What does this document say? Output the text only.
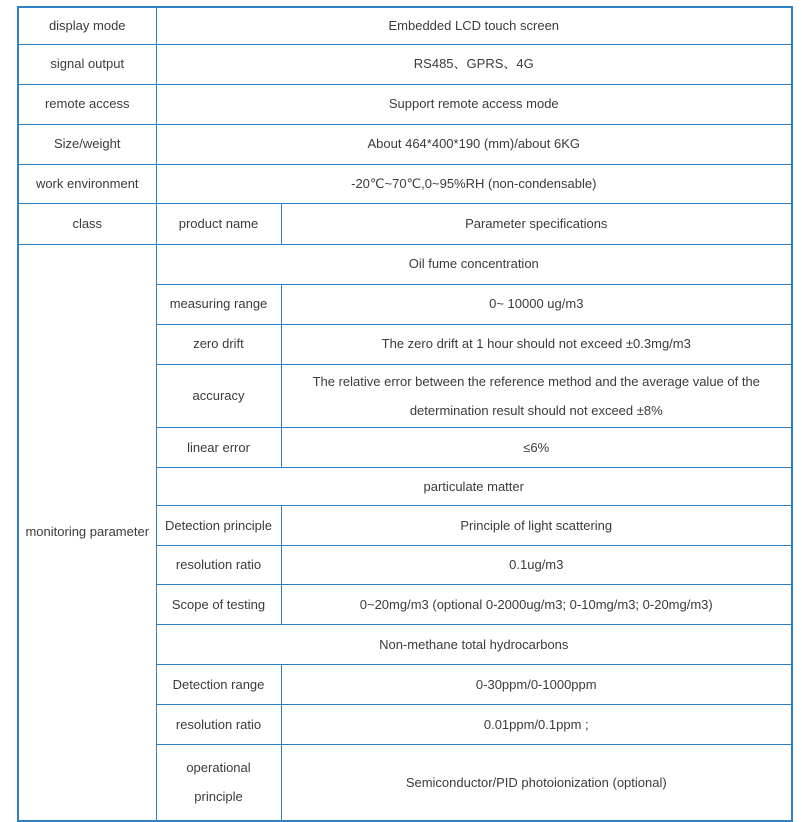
display mode	Embedded LCD touch screen	
signal output	RS485、GPRS、4G	
remote access	Support remote access mode	
Size/weight	About 464*400*190 (mm)/about 6KG	
work environment	-20℃~70℃,0~95%RH (non-condensable)	
class	product name	Parameter specifications
monitoring parameter	Oil fume concentration	
	measuring range	0~ 10000 ug/m3
	zero drift	The zero drift at 1 hour should not exceed ±0.3mg/m3
	accuracy	The relative error between the reference method and the average value of the determination result should not exceed ±8%
	linear error	≤6%
	particulate matter	
	Detection principle	Principle of light scattering
	resolution ratio	0.1ug/m3
	Scope of testing	0~20mg/m3 (optional 0-2000ug/m3; 0-10mg/m3; 0-20mg/m3)
	Non-methane total hydrocarbons	
	Detection range	0-30ppm/0-1000ppm
	resolution ratio	0.01ppm/0.1ppm ;
	operational principle	Semiconductor/PID photoionization (optional)
